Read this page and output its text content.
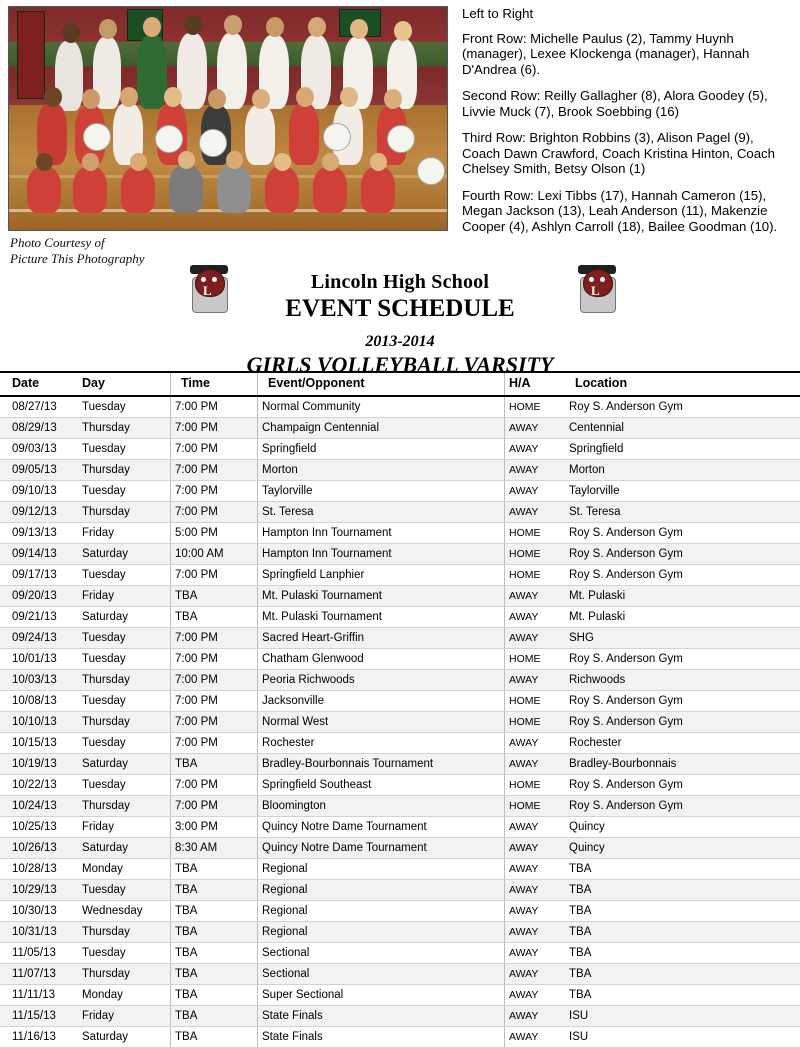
Photo Courtesy of
Picture This Photography

Left to Right

Front Row: Michelle Paulus (2), Tammy Huynh (manager), Lexee Klockenga (manager), Hannah D'Andrea (6).

Second Row: Reilly Gallagher (8), Alora Goodey (5), Livvie Muck (7), Brook Soebbing (16)

Third Row: Brighton Robbins (3), Alison Pagel (9), Coach Dawn Crawford, Coach Kristina Hinton, Coach Chelsey Smith, Betsy Olson (1)

Fourth Row: Lexi Tibbs (17), Hannah Cameron (15), Megan Jackson (13), Leah Anderson (11), Makenzie Cooper (4), Ashlyn Carroll (18), Bailee Goodman (10).

L	L
Lincoln High School
EVENT SCHEDULE
2013-2014
GIRLS VOLLEYBALL VARSITY
Date	Day	Time	Event/Opponent	H/A	Location
08/27/13	Tuesday	7:00 PM	Normal Community	HOME	Roy S. Anderson Gym
08/29/13	Thursday	7:00 PM	Champaign Centennial	AWAY	Centennial
09/03/13	Tuesday	7:00 PM	Springfield	AWAY	Springfield
09/05/13	Thursday	7:00 PM	Morton	AWAY	Morton
09/10/13	Tuesday	7:00 PM	Taylorville	AWAY	Taylorville
09/12/13	Thursday	7:00 PM	St. Teresa	AWAY	St. Teresa
09/13/13	Friday	5:00 PM	Hampton Inn Tournament	HOME	Roy S. Anderson Gym
09/14/13	Saturday	10:00 AM	Hampton Inn Tournament	HOME	Roy S. Anderson Gym
09/17/13	Tuesday	7:00 PM	Springfield Lanphier	HOME	Roy S. Anderson Gym
09/20/13	Friday	TBA	Mt. Pulaski Tournament	AWAY	Mt. Pulaski
09/21/13	Saturday	TBA	Mt. Pulaski Tournament	AWAY	Mt. Pulaski
09/24/13	Tuesday	7:00 PM	Sacred Heart-Griffin	AWAY	SHG
10/01/13	Tuesday	7:00 PM	Chatham Glenwood	HOME	Roy S. Anderson Gym
10/03/13	Thursday	7:00 PM	Peoria Richwoods	AWAY	Richwoods
10/08/13	Tuesday	7:00 PM	Jacksonville	HOME	Roy S. Anderson Gym
10/10/13	Thursday	7:00 PM	Normal West	HOME	Roy S. Anderson Gym
10/15/13	Tuesday	7:00 PM	Rochester	AWAY	Rochester
10/19/13	Saturday	TBA	Bradley-Bourbonnais Tournament	AWAY	Bradley-Bourbonnais
10/22/13	Tuesday	7:00 PM	Springfield Southeast	HOME	Roy S. Anderson Gym
10/24/13	Thursday	7:00 PM	Bloomington	HOME	Roy S. Anderson Gym
10/25/13	Friday	3:00 PM	Quincy Notre Dame Tournament	AWAY	Quincy
10/26/13	Saturday	8:30 AM	Quincy Notre Dame Tournament	AWAY	Quincy
10/28/13	Monday	TBA	Regional	AWAY	TBA
10/29/13	Tuesday	TBA	Regional	AWAY	TBA
10/30/13	Wednesday	TBA	Regional	AWAY	TBA
10/31/13	Thursday	TBA	Regional	AWAY	TBA
11/05/13	Tuesday	TBA	Sectional	AWAY	TBA
11/07/13	Thursday	TBA	Sectional	AWAY	TBA
11/11/13	Monday	TBA	Super Sectional	AWAY	TBA
11/15/13	Friday	TBA	State Finals	AWAY	ISU
11/16/13	Saturday	TBA	State Finals	AWAY	ISU
